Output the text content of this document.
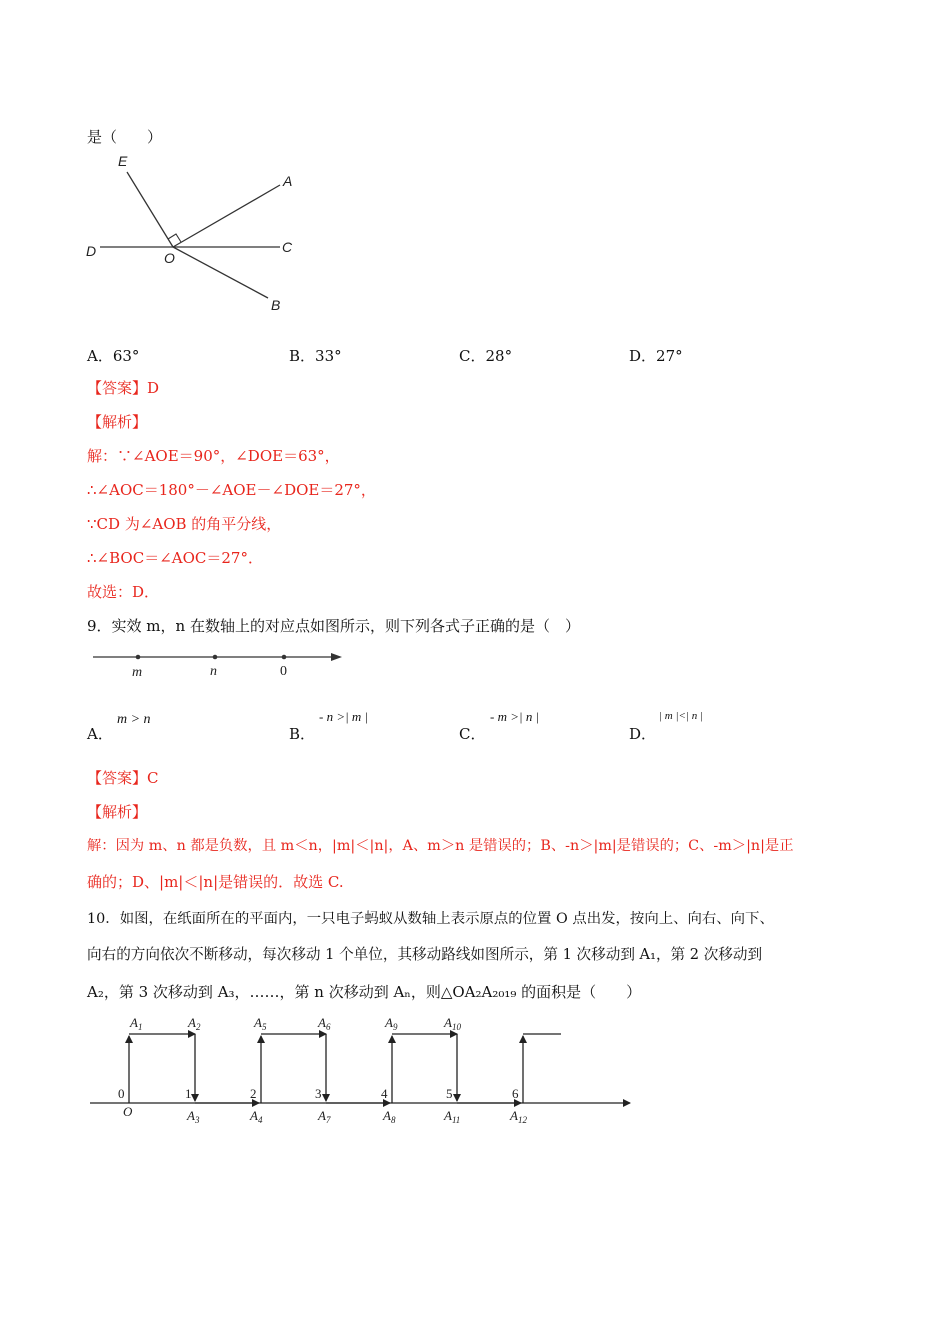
是（　　）
E
A
D	O
C
B
A．63°	B．33°	C．28°	D．27°
【答案】D
【解析】
解：∵∠AOE＝90°，∠DOE＝63°，
∴∠AOC＝180°－∠AOE－∠DOE＝27°，
∵CD 为∠AOB 的角平分线，
∴∠BOC＝∠AOC＝27°．
故选：D．
9．实效 m，n 在数轴上的对应点如图所示，则下列各式子正确的是（　）
m	n	0
A．
m > n
B．
- n >| m |
C．
- m >| n |
D．
| m |<| n |
【答案】C
【解析】
解：因为 m、n 都是负数，且 m＜n，|m|＜|n|，A、m＞n 是错误的；B、-n＞|m|是错误的；C、-m＞|n|是正
确的；D、|m|＜|n|是错误的．故选 C.
10．如图，在纸面所在的平面内，一只电子蚂蚁从数轴上表示原点的位置 O 点出发，按向上、向右、向下、
向右的方向依次不断移动，每次移动 1 个单位，其移动路线如图所示，第 1 次移动到 A₁，第 2 次移动到
A₂，第 3 次移动到 A₃，……，第 n 次移动到 Aₙ，则△OA₂A₂₀₁₉ 的面积是（　　）
$A_1$	$A_2$	$A_5$	$A_6$	$A_9$	$A_{10}$
0	1	2	3	4	5	6
O	$A_3$	$A_4$	$A_7$	$A_8$	$A_{11}$	$A_{12}$
